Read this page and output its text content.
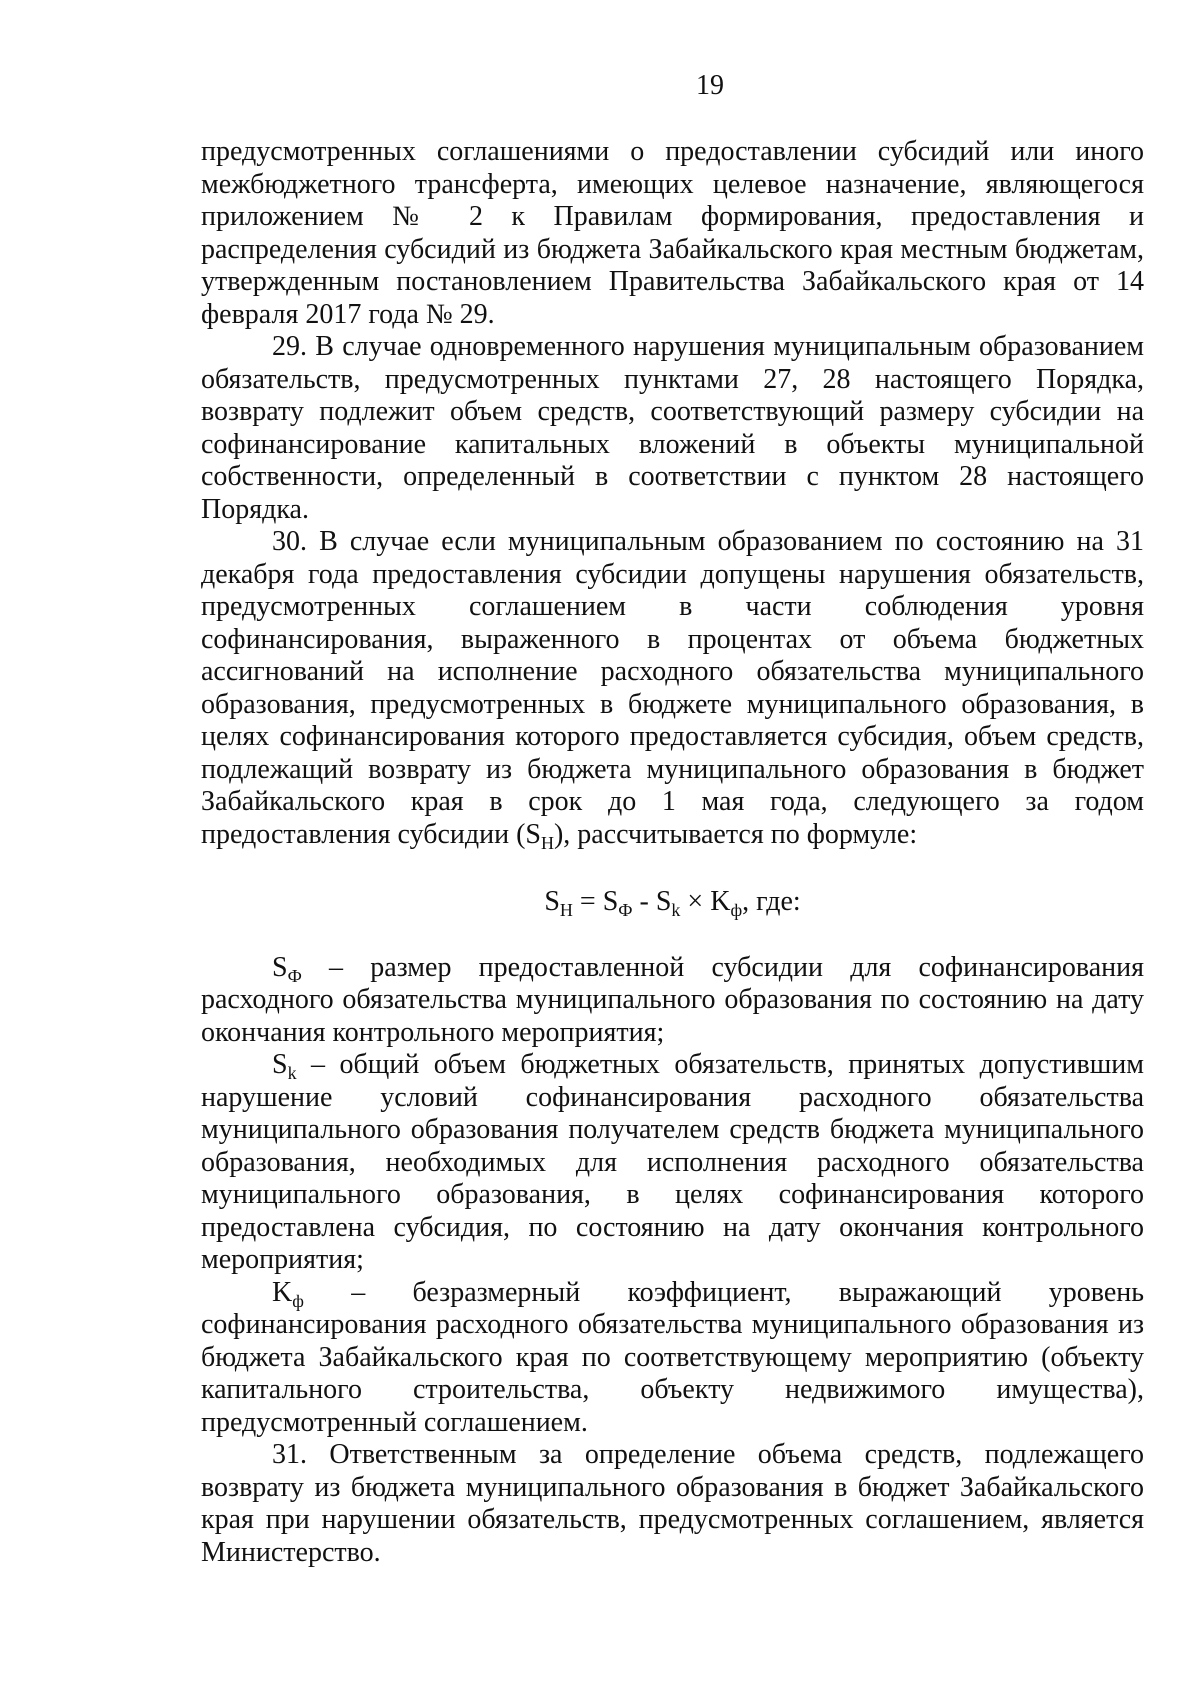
19

предусмотренных соглашениями о предоставлении субсидий или иного межбюджетного трансферта, имеющих целевое назначение, являющегося приложением № 2 к Правилам формирования, предоставления и распределения субсидий из бюджета Забайкальского края местным бюджетам, утвержденным постановлением Правительства Забайкальского края от 14 февраля 2017 года № 29.

29. В случае одновременного нарушения муниципальным образованием обязательств, предусмотренных пунктами 27, 28 настоящего Порядка, возврату подлежит объем средств, соответствующий размеру субсидии на софинансирование капитальных вложений в объекты муниципальной собственности, определенный в соответствии с пунктом 28 настоящего Порядка.

30. В случае если муниципальным образованием по состоянию на 31 декабря года предоставления субсидии допущены нарушения обязательств, предусмотренных соглашением в части соблюдения уровня софинансирования, выраженного в процентах от объема бюджетных ассигнований на исполнение расходного обязательства муниципального образования, предусмотренных в бюджете муниципального образования, в целях софинансирования которого предоставляется субсидия, объем средств, подлежащий возврату из бюджета муниципального образования в бюджет Забайкальского края в срок до 1 мая года, следующего за годом предоставления субсидии $(S_Н)$, рассчитывается по формуле:

$S_Н = S_Ф - S_k \times K_ф$, где:

$S_Ф$ – размер предоставленной субсидии для софинансирования расходного обязательства муниципального образования по состоянию на дату окончания контрольного мероприятия;

$S_k$ – общий объем бюджетных обязательств, принятых допустившим нарушение условий софинансирования расходного обязательства муниципального образования получателем средств бюджета муниципального образования, необходимых для исполнения расходного обязательства муниципального образования, в целях софинансирования которого предоставлена субсидия, по состоянию на дату окончания контрольного мероприятия;

$K_ф$ – безразмерный коэффициент, выражающий уровень софинансирования расходного обязательства муниципального образования из бюджета Забайкальского края по соответствующему мероприятию (объекту капитального строительства, объекту недвижимого имущества), предусмотренный соглашением.

31. Ответственным за определение объема средств, подлежащего возврату из бюджета муниципального образования в бюджет Забайкальского края при нарушении обязательств, предусмотренных соглашением, является Министерство.
